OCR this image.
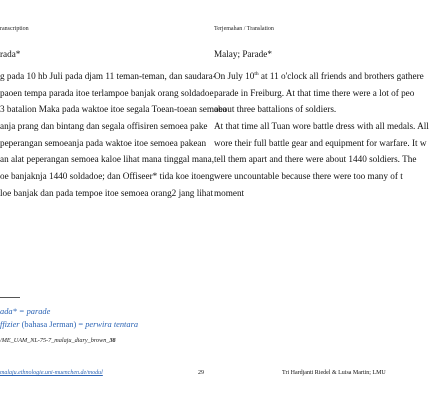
ranscription	Terjemahan / Translation
rada*
g pada 10 hb Juli pada djam 11 teman-teman, dan saudara-
paoen tempa parada itoe terlampoe banjak orang soldadoe
3 batalion Maka pada waktoe itoe segala Toean-toean semoea
anja prang dan bintang dan segala offisiren semoea pake
peperangan semoeanja pada waktoe itoe semoea pakean
an alat peperangan semoea kaloe lihat mana tinggal mana,
oe banjaknja 1440 soldadoe; dan Offiseer* tida koe itoeng
loe banjak dan pada tempoe itoe semoea orang2 jang lihat
Malay; Parade*
On July 10th at 11 o'clock all friends and brothers gathere
parade in Freiburg. At that time there were a lot of peo
about three battalions of soldiers.
At that time all Tuan wore battle dress with all medals. All
wore their full battle gear and equipment for warfare. It w
tell them apart and there were about 1440 soldiers. The
were uncountable because there were too many of t
moment
ada* = parade
ffizier (bahasa Jerman) = perwira tentara
/ME_UAM_NL-75-7_malaju_diary_brown_38
malaju.ethnologie.uni-muenchen.de/modul	29	Tri Hardjanti Riedel & Luisa Martin; LMU
